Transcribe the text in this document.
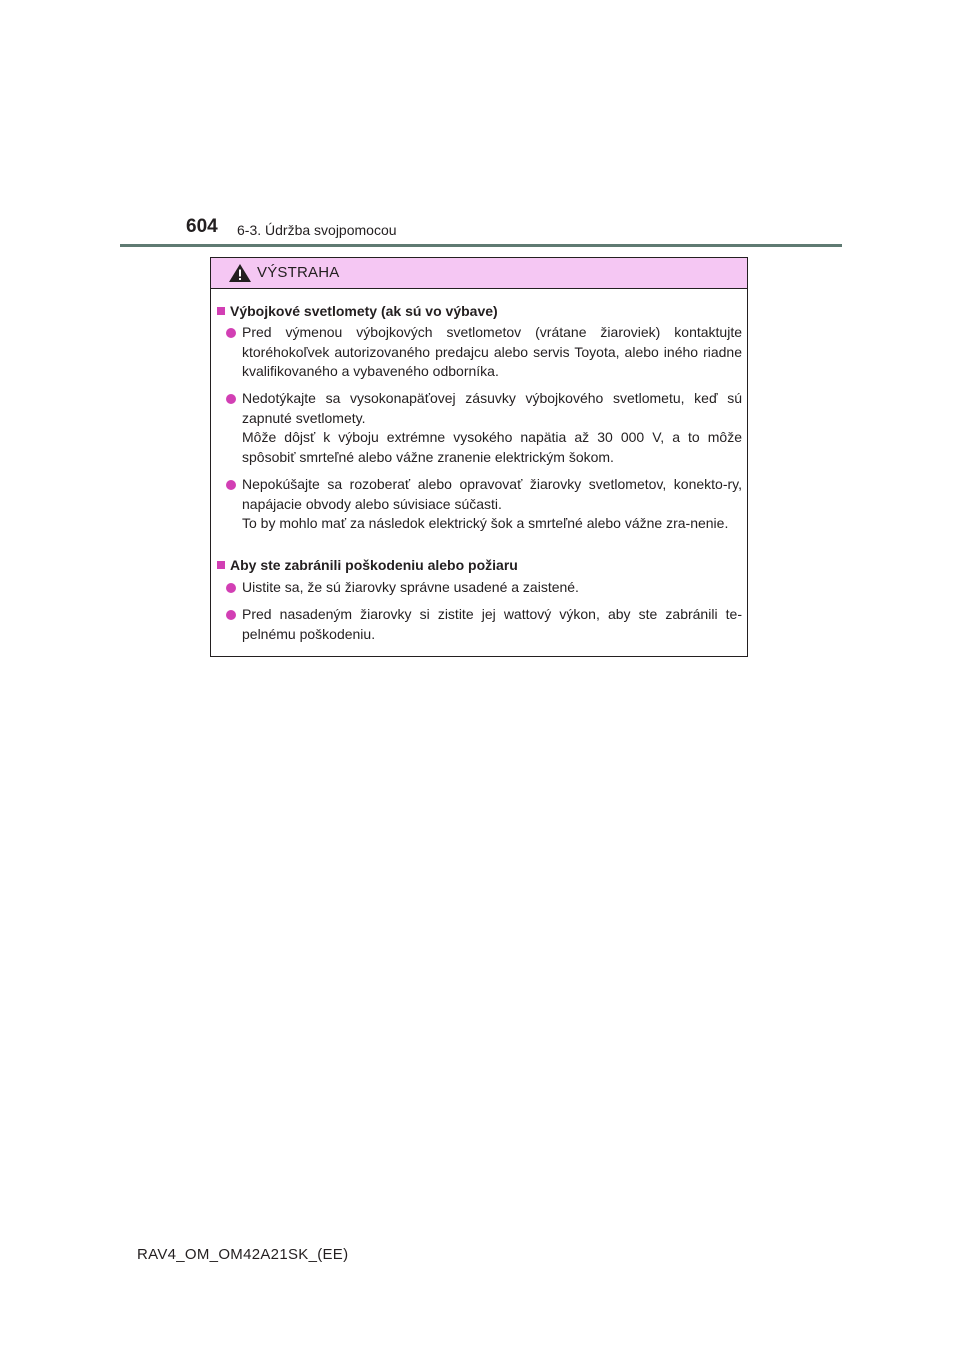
604 6-3. Údržba svojpomocou
VÝSTRAHA
Výbojkové svetlomety (ak sú vo výbave)

Pred výmenou výbojkových svetlometov (vrátane žiaroviek) kontaktujte ktoréhokoľvek autorizovaného predajcu alebo servis Toyota, alebo iného riadne kvalifikovaného a vybaveného odborníka.

Nedotýkajte sa vysokonapäťovej zásuvky výbojkového svetlometu, keď sú zapnuté svetlomety.

Môže dôjsť k výboju extrémne vysokého napätia až 30 000 V, a to môže spôsobiť smrteľné alebo vážne zranenie elektrickým šokom.

Nepokúšajte sa rozoberať alebo opravovať žiarovky svetlometov, konekto-ry, napájacie obvody alebo súvisiace súčasti.

To by mohlo mať za následok elektrický šok a smrteľné alebo vážne zra-nenie.

Aby ste zabránili poškodeniu alebo požiaru

Uistite sa, že sú žiarovky správne usadené a zaistené.

Pred nasadeným žiarovky si zistite jej wattový výkon, aby ste zabránili te-pelnému poškodeniu.

RAV4_OM_OM42A21SK_(EE)
